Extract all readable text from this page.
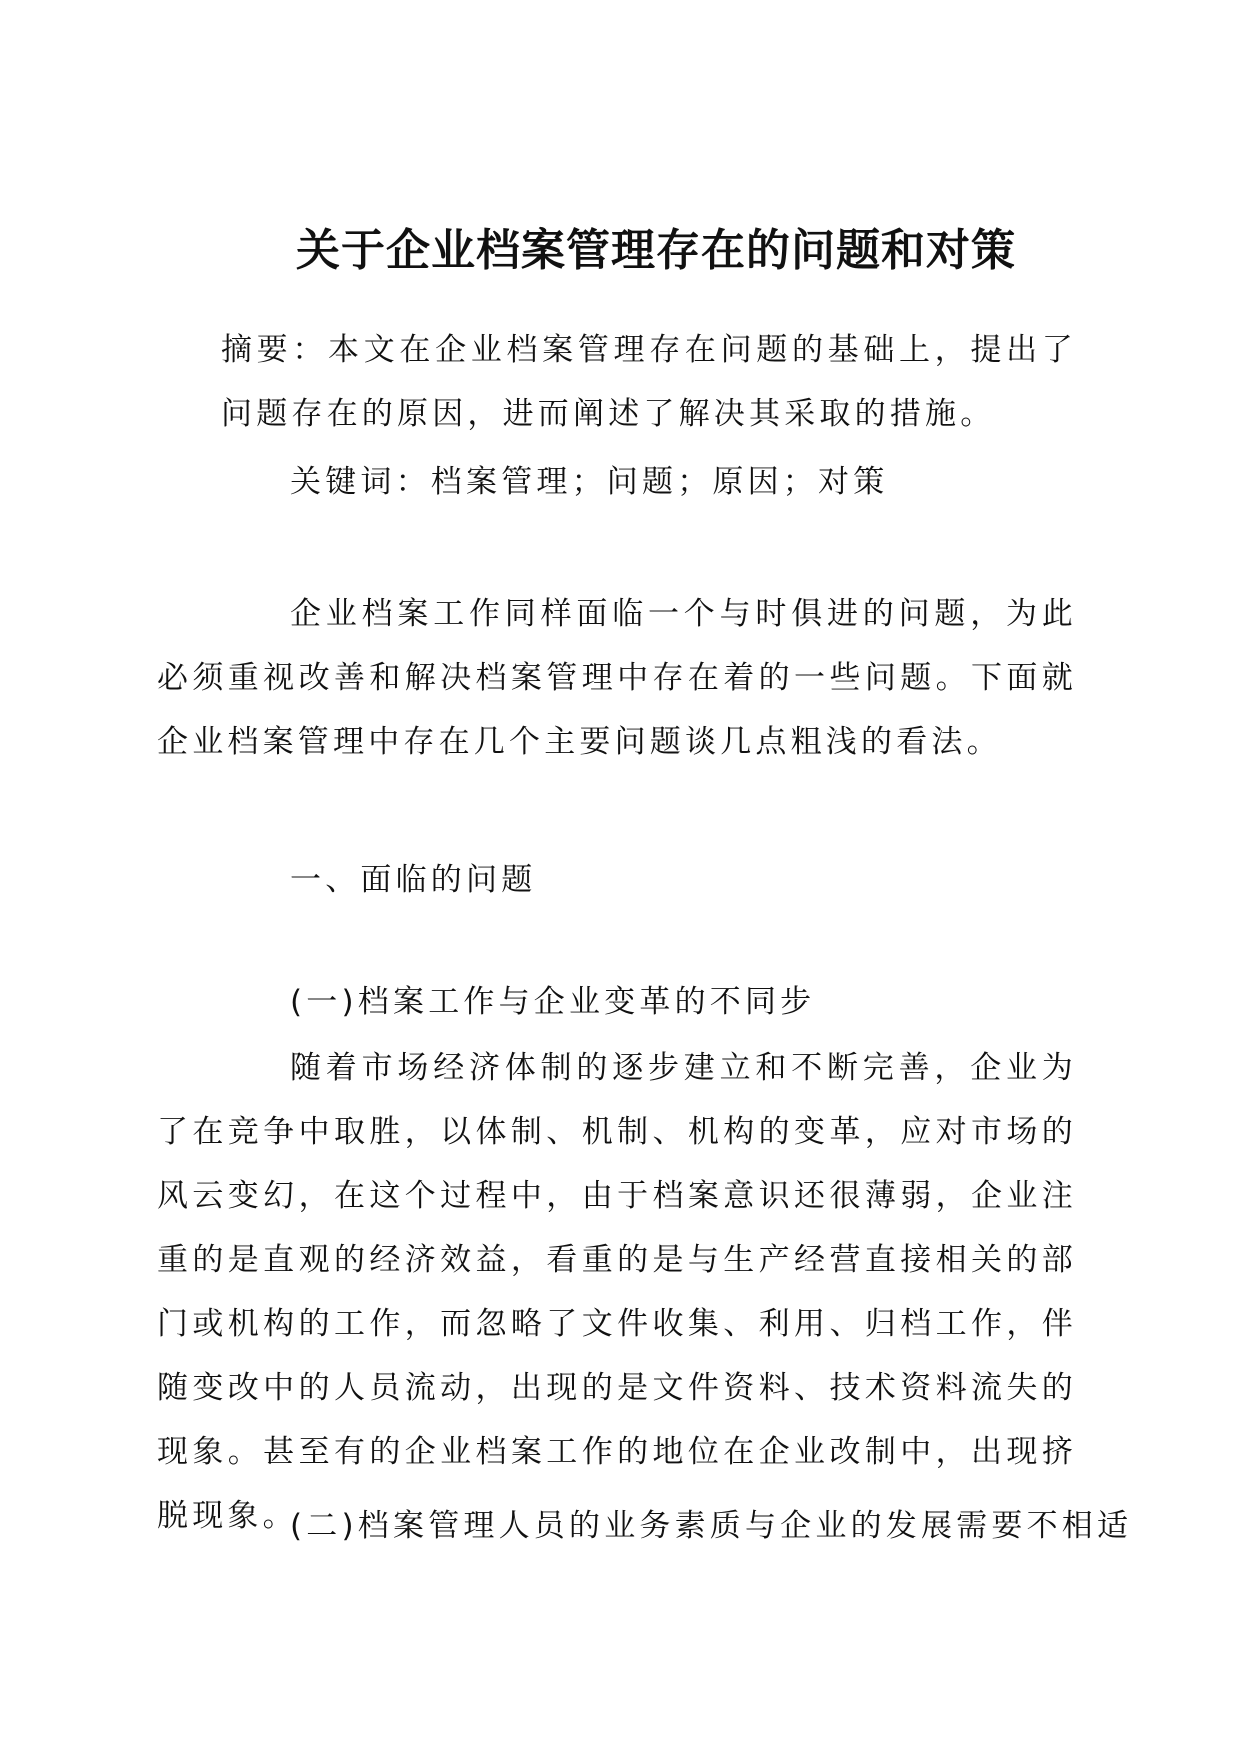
关于企业档案管理存在的问题和对策
摘要：本文在企业档案管理存在问题的基础上，提出了问题存在的原因，进而阐述了解决其采取的措施。
关键词：档案管理；问题；原因；对策
企业档案工作同样面临一个与时俱进的问题，为此必须重视改善和解决档案管理中存在着的一些问题。下面就企业档案管理中存在几个主要问题谈几点粗浅的看法。
一、面临的问题
(一)档案工作与企业变革的不同步
随着市场经济体制的逐步建立和不断完善，企业为了在竞争中取胜，以体制、机制、机构的变革，应对市场的风云变幻，在这个过程中，由于档案意识还很薄弱，企业注重的是直观的经济效益，看重的是与生产经营直接相关的部门或机构的工作，而忽略了文件收集、利用、归档工作，伴随变改中的人员流动，出现的是文件资料、技术资料流失的现象。甚至有的企业档案工作的地位在企业改制中，出现挤脱现象。
(二)档案管理人员的业务素质与企业的发展需要不相适
